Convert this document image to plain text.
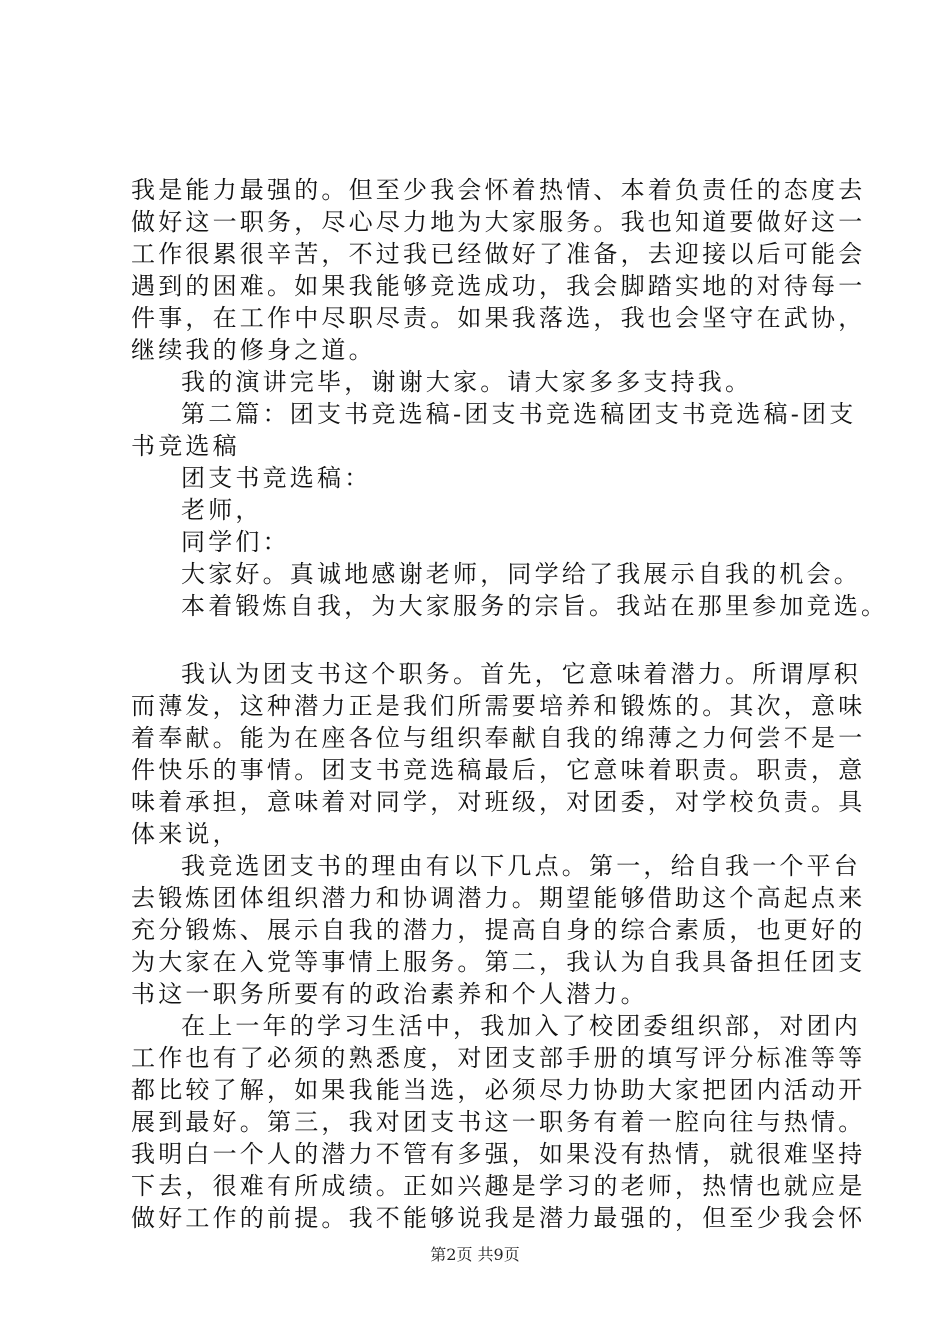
我是能力最强的。但至少我会怀着热情、本着负责任的态度去
做好这一职务，尽心尽力地为大家服务。我也知道要做好这一
工作很累很辛苦，不过我已经做好了准备，去迎接以后可能会
遇到的困难。如果我能够竞选成功，我会脚踏实地的对待每一
件事，在工作中尽职尽责。如果我落选，我也会坚守在武协，
继续我的修身之道。
我的演讲完毕，谢谢大家。请大家多多支持我。
第二篇：团支书竞选稿-团支书竞选稿团支书竞选稿-团支
书竞选稿
团支书竞选稿：
老师，
同学们：
大家好。真诚地感谢老师，同学给了我展示自我的机会。
本着锻炼自我，为大家服务的宗旨。我站在那里参加竞选。
我认为团支书这个职务。首先，它意味着潜力。所谓厚积
而薄发，这种潜力正是我们所需要培养和锻炼的。其次，意味
着奉献。能为在座各位与组织奉献自我的绵薄之力何尝不是一
件快乐的事情。团支书竞选稿最后，它意味着职责。职责，意
味着承担，意味着对同学，对班级，对团委，对学校负责。具
体来说，
我竞选团支书的理由有以下几点。第一，给自我一个平台
去锻炼团体组织潜力和协调潜力。期望能够借助这个高起点来
充分锻炼、展示自我的潜力，提高自身的综合素质，也更好的
为大家在入党等事情上服务。第二，我认为自我具备担任团支
书这一职务所要有的政治素养和个人潜力。
在上一年的学习生活中，我加入了校团委组织部，对团内
工作也有了必须的熟悉度，对团支部手册的填写评分标准等等
都比较了解，如果我能当选，必须尽力协助大家把团内活动开
展到最好。第三，我对团支书这一职务有着一腔向往与热情。
我明白一个人的潜力不管有多强，如果没有热情，就很难坚持
下去，很难有所成绩。正如兴趣是学习的老师，热情也就应是
做好工作的前提。我不能够说我是潜力最强的，但至少我会怀
第2页 共9页
